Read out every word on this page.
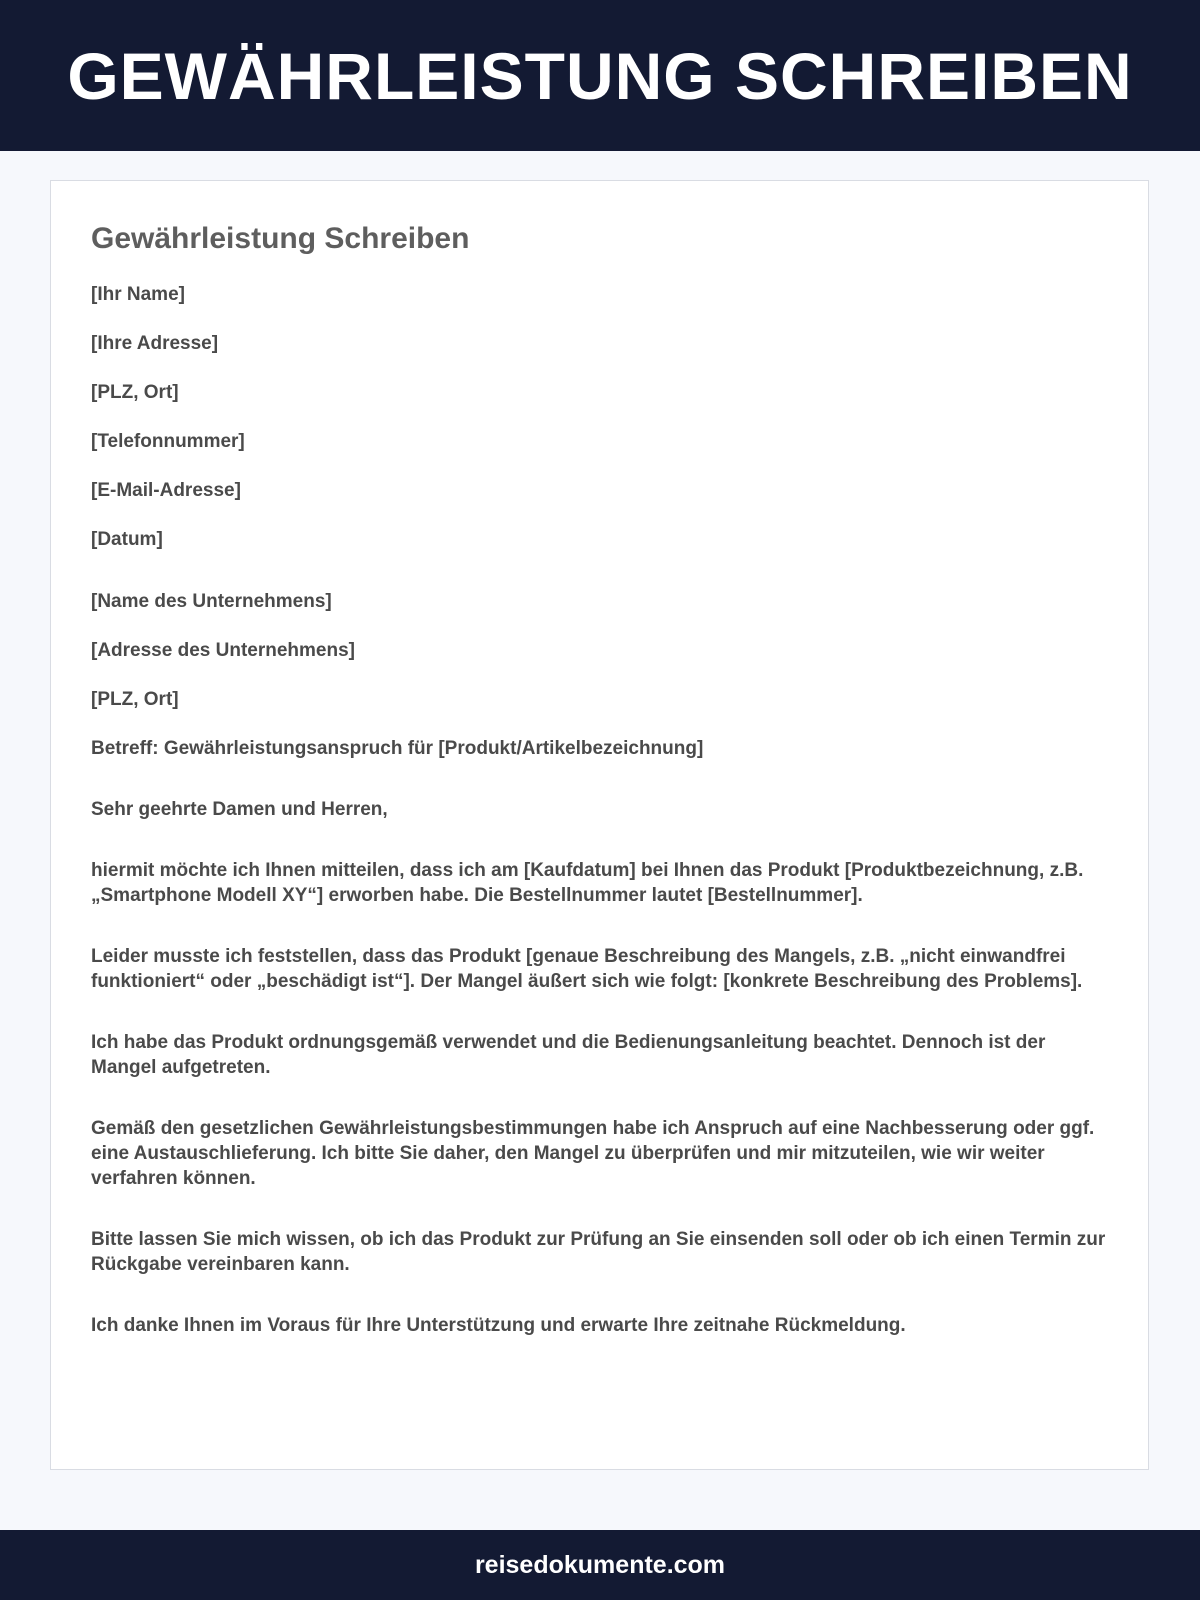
GEWÄHRLEISTUNG SCHREIBEN
Gewährleistung Schreiben

[Ihr Name]

[Ihre Adresse]

[PLZ, Ort]

[Telefonnummer]

[E-Mail-Adresse]

[Datum]

[Name des Unternehmens]

[Adresse des Unternehmens]

[PLZ, Ort]

Betreff: Gewährleistungsanspruch für [Produkt/Artikelbezeichnung]

Sehr geehrte Damen und Herren,

hiermit möchte ich Ihnen mitteilen, dass ich am [Kaufdatum] bei Ihnen das Produkt [Produktbezeichnung, z.B. „Smartphone Modell XY“] erworben habe. Die Bestellnummer lautet [Bestellnummer].

Leider musste ich feststellen, dass das Produkt [genaue Beschreibung des Mangels, z.B. „nicht einwandfrei funktioniert“ oder „beschädigt ist“]. Der Mangel äußert sich wie folgt: [konkrete Beschreibung des Problems].

Ich habe das Produkt ordnungsgemäß verwendet und die Bedienungsanleitung beachtet. Dennoch ist der Mangel aufgetreten.

Gemäß den gesetzlichen Gewährleistungsbestimmungen habe ich Anspruch auf eine Nachbesserung oder ggf. eine Austauschlieferung. Ich bitte Sie daher, den Mangel zu überprüfen und mir mitzuteilen, wie wir weiter verfahren können.

Bitte lassen Sie mich wissen, ob ich das Produkt zur Prüfung an Sie einsenden soll oder ob ich einen Termin zur Rückgabe vereinbaren kann.

Ich danke Ihnen im Voraus für Ihre Unterstützung und erwarte Ihre zeitnahe Rückmeldung.

reisedokumente.com
